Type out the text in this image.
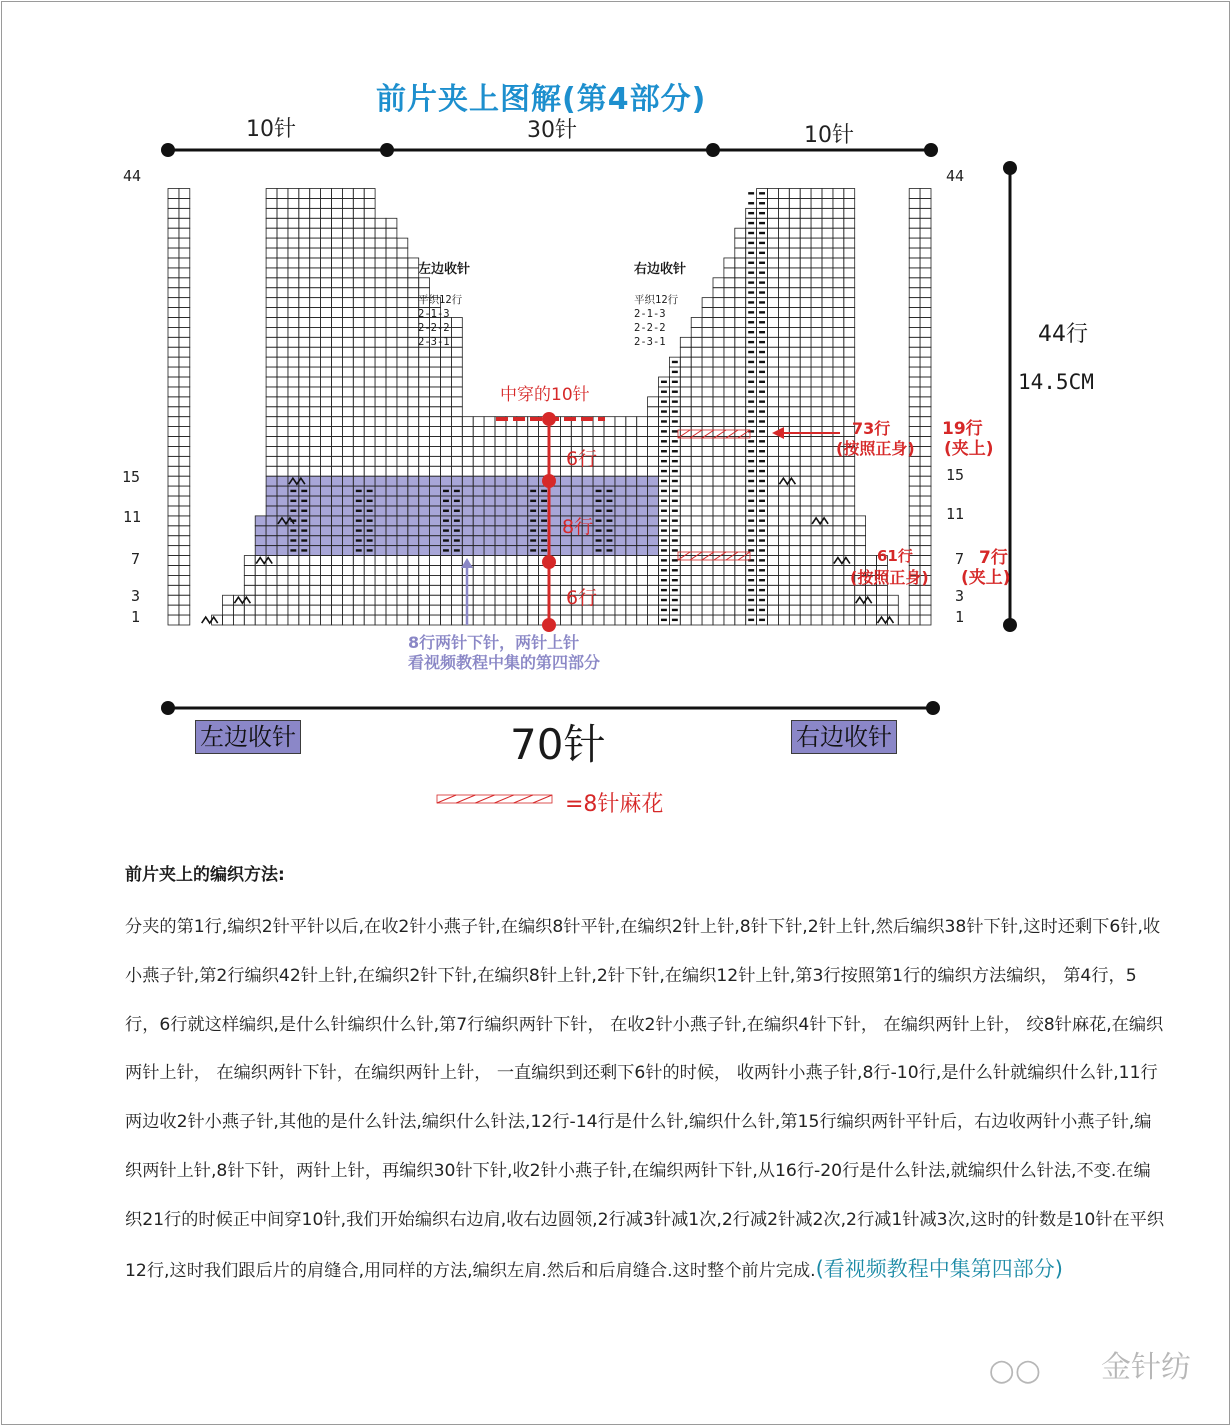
前片夹上图解(第4部分)
10针	30针	10针
44
15
11
7
3
1
44
15
11
7
3
1
左边收针
平织12行
2-1-3
2-2-2
2-3-1
右边收针
平织12行
2-1-3
2-2-2
2-3-1
中穿的10针
6行
8行
6行
73行
(按照正身)
19行
(夹上)
61行
(按照正身)
7行
(夹上)
44行
14.5CM
8行两针下针，两针上针
看视频教程中集的第四部分
左边收针	右边收针
70针
=8针麻花
前片夹上的编织方法:
分夹的第1行,编织2针平针以后,在收2针小燕子针,在编织8针平针,在编织2针上针,8针下针,2针上针,然后编织38针下针,这时还剩下6针,收小燕子针,第2行编织42针上针,在编织2针下针,在编织8针上针,2针下针,在编织12针上针,第3行按照第1行的编织方法编织， 第4行，5行，6行就这样编织,是什么针编织什么针,第7行编织两针下针， 在收2针小燕子针,在编织4针下针， 在编织两针上针， 绞8针麻花,在编织两针上针， 在编织两针下针，在编织两针上针， 一直编织到还剩下6针的时候， 收两针小燕子针,8行-10行,是什么针就编织什么针,11行两边收2针小燕子针,其他的是什么针法,编织什么针法,12行-14行是什么针,编织什么针,第15行编织两针平针后，右边收两针小燕子针,编织两针上针,8针下针，两针上针，再编织30针下针,收2针小燕子针,在编织两针下针,从16行-20行是什么针法,就编织什么针法,不变.在编织21行的时候正中间穿10针,我们开始编织右边肩,收右边圆领,2行减3针减1次,2行减2针减2次,2行减1针减3次,这时的针数是10针在平织12行,这时我们跟后片的肩缝合,用同样的方法,编织左肩.然后和后肩缝合.这时整个前片完成.(看视频教程中集第四部分)
○○ 金针纺
